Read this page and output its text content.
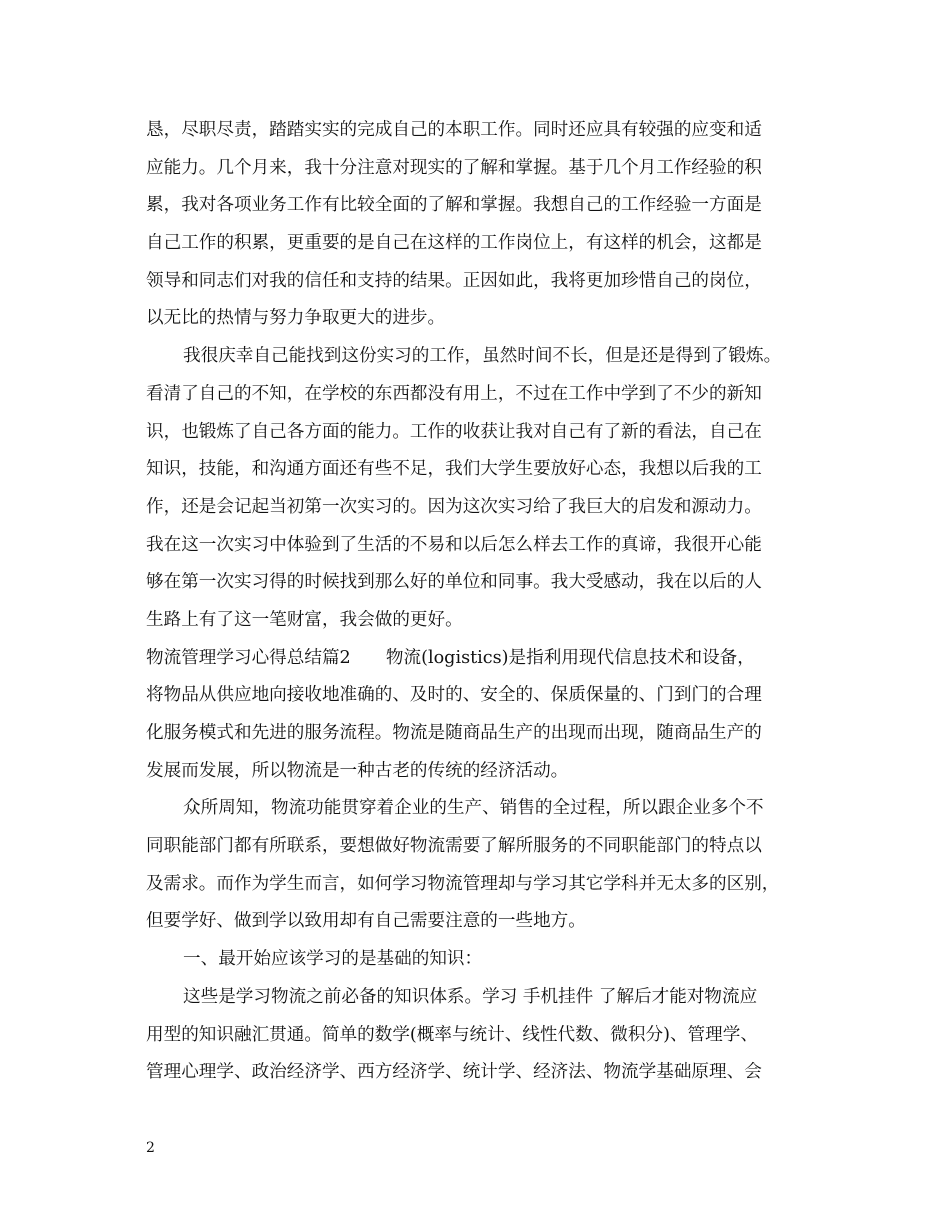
恳，尽职尽责，踏踏实实的完成自己的本职工作。同时还应具有较强的应变和适
应能力。几个月来，我十分注意对现实的了解和掌握。基于几个月工作经验的积
累，我对各项业务工作有比较全面的了解和掌握。我想自己的工作经验一方面是
自己工作的积累，更重要的是自己在这样的工作岗位上，有这样的机会，这都是
领导和同志们对我的信任和支持的结果。正因如此，我将更加珍惜自己的岗位，
以无比的热情与努力争取更大的进步。
我很庆幸自己能找到这份实习的工作，虽然时间不长，但是还是得到了锻炼。
看清了自己的不知，在学校的东西都没有用上，不过在工作中学到了不少的新知
识，也锻炼了自己各方面的能力。工作的收获让我对自己有了新的看法，自己在
知识，技能，和沟通方面还有些不足，我们大学生要放好心态，我想以后我的工
作，还是会记起当初第一次实习的。因为这次实习给了我巨大的启发和源动力。
我在这一次实习中体验到了生活的不易和以后怎么样去工作的真谛，我很开心能
够在第一次实习得的时候找到那么好的单位和同事。我大受感动，我在以后的人
生路上有了这一笔财富，我会做的更好。
物流管理学习心得总结篇2　　物流(logistics)是指利用现代信息技术和设备，
将物品从供应地向接收地准确的、及时的、安全的、保质保量的、门到门的合理
化服务模式和先进的服务流程。物流是随商品生产的出现而出现，随商品生产的
发展而发展，所以物流是一种古老的传统的经济活动。
众所周知，物流功能贯穿着企业的生产、销售的全过程，所以跟企业多个不
同职能部门都有所联系，要想做好物流需要了解所服务的不同职能部门的特点以
及需求。而作为学生而言，如何学习物流管理却与学习其它学科并无太多的区别，
但要学好、做到学以致用却有自己需要注意的一些地方。
一、最开始应该学习的是基础的知识：
这些是学习物流之前必备的知识体系。学习 手机挂件 了解后才能对物流应
用型的知识融汇贯通。简单的数学(概率与统计、线性代数、微积分)、管理学、
管理心理学、政治经济学、西方经济学、统计学、经济法、物流学基础原理、会
2
